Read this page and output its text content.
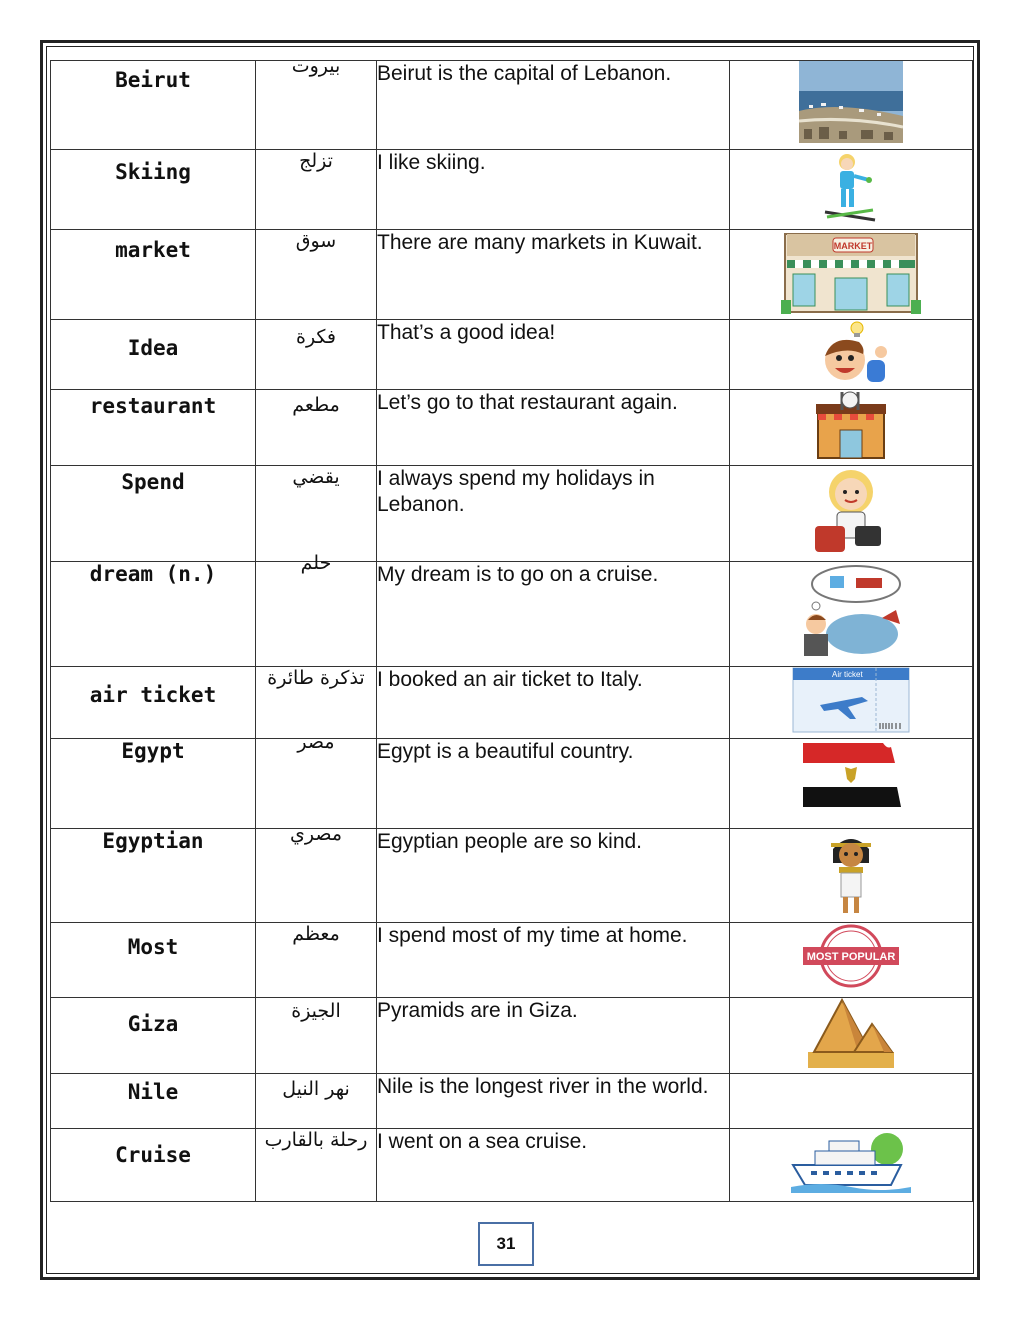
Beirut	بيروت	Beirut is the capital of Lebanon.	
Skiing	تزلج	I like skiing.	
market	سوق	There are many markets in Kuwait.	MARKET

Idea	فكرة	That’s a good idea!	
restaurant	مطعم	Let’s go to that restaurant again.	
Spend	يقضي	I always spend my holidays in Lebanon.	
dream (n.)	حلم	My dream is to go on a cruise.	
air ticket	تذكرة طائرة	I booked an air ticket to Italy.	Air ticket

Egypt	مصر	Egypt is a beautiful country.	
Egyptian	مصري	Egyptian people are so kind.	
Most	معظم	I spend most of my time at home.	MOST POPULAR

Giza	الجيزة	Pyramids are in Giza.	
Nile	نهر النيل	Nile is the longest river in the world.	
Cruise	رحلة بالقارب	I went on a sea cruise.	
31
